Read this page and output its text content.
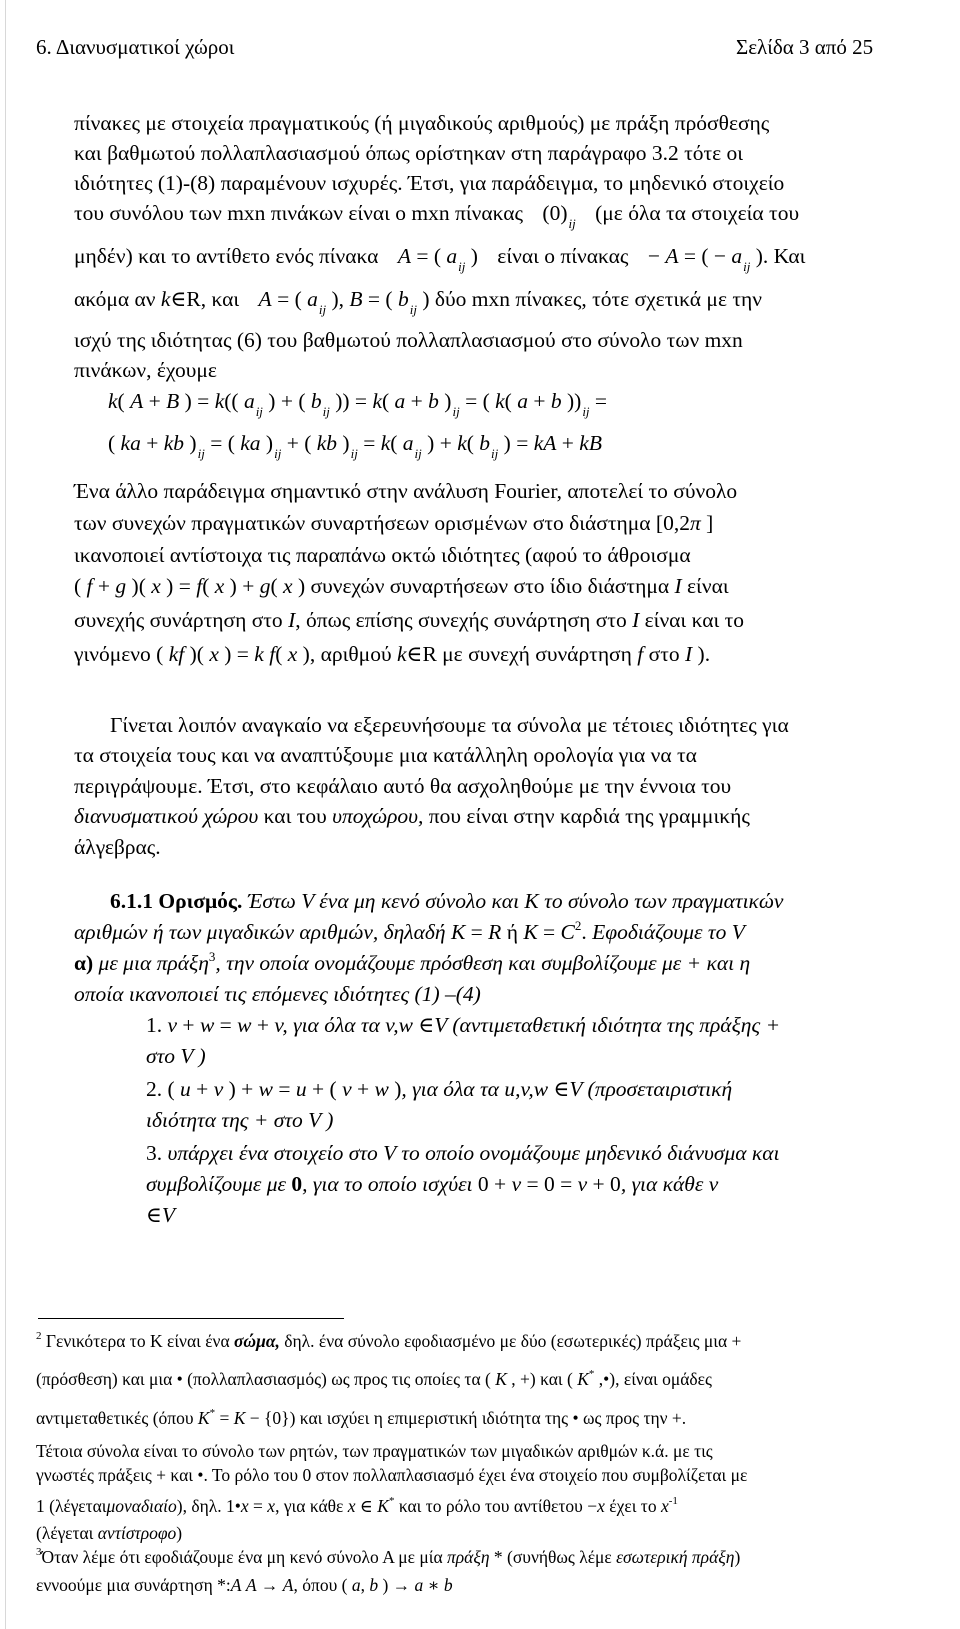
6. Διανυσματικοί χώροι	Σελίδα 3 από 25
πίνακες με στοιχεία πραγματικούς (ή μιγαδικούς αριθμούς) με πράξη πρόσθεσης
και βαθμωτού πολλαπλασιασμού όπως ορίστηκαν στη παράγραφο 3.2 τότε οι
ιδιότητες (1)-(8) παραμένουν ισχυρές. Έτσι, για παράδειγμα, το μηδενικό στοιχείο
του συνόλου των mxn πινάκων είναι ο mxn πίνακας $(0)_{ij}$ (με όλα τα στοιχεία του
μηδέν) και το αντίθετο ενός πίνακα A = ( $a_{ij}$ ) είναι ο πίνακας − A = ( − $a_{ij}$ ). Και
ακόμα αν k∈R, και A = ( $a_{ij}$ ), B = ( $b_{ij}$ ) δύο mxn πίνακες, τότε σχετικά με την
ισχύ της ιδιότητας (6) του βαθμωτού πολλαπλασιασμού στο σύνολο των mxn
πινάκων, έχουμε
k( A + B ) = k(( $a_{ij}$ ) + ( $b_{ij}$ )) = k( a + b )$_{ij}$ = ( k( a + b ))$_{ij}$ =
( ka + kb )$_{ij}$ = ( ka )$_{ij}$ + ( kb )$_{ij} = k$( $a_{ij}$ ) + k( $b_{ij}$ ) = kA + kB
Ένα άλλο παράδειγμα σημαντικό στην ανάλυση Fourier, αποτελεί το σύνολο
των συνεχών πραγματικών συναρτήσεων ορισμένων στο διάστημα [0,2π ]
ικανοποιεί αντίστοιχα τις παραπάνω οκτώ ιδιότητες (αφού το άθροισμα
( f + g )( x ) = f( x ) + g( x ) συνεχών συναρτήσεων στο ίδιο διάστημα I είναι
συνεχής συνάρτηση στο I, όπως επίσης συνεχής συνάρτηση στο I είναι και το
γινόμενο ( kf )( x ) = k f( x ), αριθμού k∈R με συνεχή συνάρτηση f στο I ).
Γίνεται λοιπόν αναγκαίο να εξερευνήσουμε τα σύνολα με τέτοιες ιδιότητες για
τα στοιχεία τους και να αναπτύξουμε μια κατάλληλη ορολογία για να τα
περιγράψουμε. Έτσι, στο κεφάλαιο αυτό θα ασχοληθούμε με την έννοια του
διανυσματικού χώρου και του υποχώρου, που είναι στην καρδιά της γραμμικής
άλγεβρας.
6.1.1 Ορισμός. Έστω V ένα μη κενό σύνολο και K το σύνολο των πραγματικών
αριθμών ή των μιγαδικών αριθμών, δηλαδή K = R ή $K = C^2$. Εφοδιάζουμε το V
α) με μια πράξη$^3$, την οποία ονομάζουμε πρόσθεση και συμβολίζουμε με + και η
οποία ικανοποιεί τις επόμενες ιδιότητες (1) –(4)
1. v + w = w + v, για όλα τα v,w ∈V (αντιμεταθετική ιδιότητα της πράξης +
στο V )
2. ( u + v ) + w = u + ( v + w ), για όλα τα u,v,w ∈V (προσεταιριστική
ιδιότητα της + στο V )
3. υπάρχει ένα στοιχείο στο V το οποίο ονομάζουμε μηδενικό διάνυσμα και
συμβολίζουμε με 0, για το οποίο ισχύει 0 + v = 0 = v + 0, για κάθε v
∈V
$^2$ Γενικότερα το Κ είναι ένα σώμα, δηλ. ένα σύνολο εφοδιασμένο με δύο (εσωτερικές) πράξεις μια +
(πρόσθεση) και μια • (πολλαπλασιασμός) ως προς τις οποίες τα ( K , +) και ( K* ,•), είναι ομάδες
αντιμεταθετικές (όπου K* = K − {0}) και ισχύει η επιμεριστική ιδιότητα της • ως προς την +.
Τέτοια σύνολα είναι το σύνολο των ρητών, των πραγματικών των μιγαδικών αριθμών κ.ά. με τις
γνωστές πράξεις + και •. Το ρόλο του 0 στον πολλαπλασιασμό έχει ένα στοιχείο που συμβολίζεται με
1 (λέγεταιμοναδιαίο), δηλ. 1•x = x, για κάθε x ∈ K* και το ρόλο του αντίθετου −x έχει το $x^{-1}$
(λέγεται αντίστροφο)
$^3$Όταν λέμε ότι εφοδιάζουμε ένα μη κενό σύνολο Α με μία πράξη * (συνήθως λέμε εσωτερική πράξη)
εννοούμε μια συνάρτηση *:A A → A, όπου ( a, b ) → a ∗ b
